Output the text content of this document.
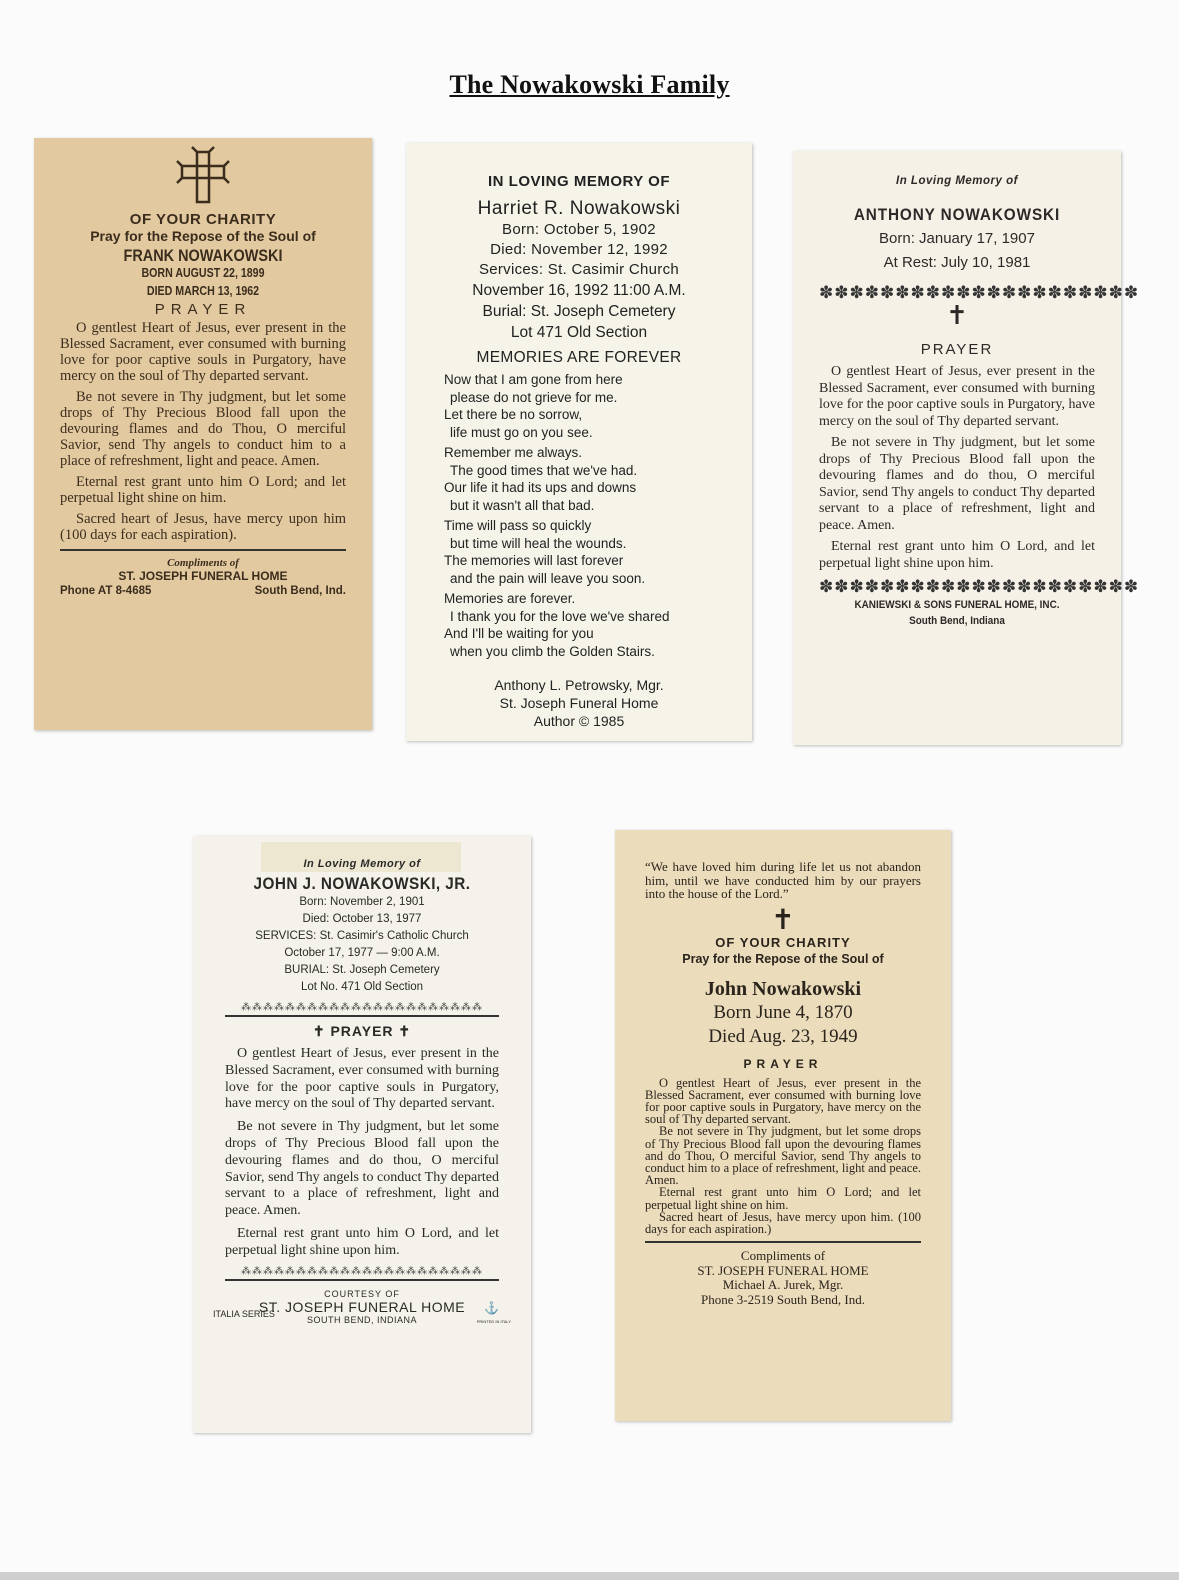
The Nowakowski Family

OF YOUR CHARITY

Pray for the Repose of the Soul of

FRANK NOWAKOWSKI

BORN AUGUST 22, 1899

DIED MARCH 13, 1962

PRAYER

O gentlest Heart of Jesus, ever present in the Blessed Sacrament, ever consumed with burning love for poor captive souls in Purgatory, have mercy on the soul of Thy departed servant.

Be not severe in Thy judgment, but let some drops of Thy Precious Blood fall upon the devouring flames and do Thou, O merciful Savior, send Thy angels to conduct him to a place of refreshment, light and peace. Amen.

Eternal rest grant unto him O Lord; and let perpetual light shine on him.

Sacred heart of Jesus, have mercy upon him (100 days for each aspiration).

Compliments of

ST. JOSEPH FUNERAL HOME

Phone AT 8-4685	South Bend, Ind.

IN LOVING MEMORY OF

Harriet R. Nowakowski

Born: October 5, 1902

Died: November 12, 1992

Services: St. Casimir Church

November 16, 1992 11:00 A.M.

Burial: St. Joseph Cemetery

Lot 471 Old Section

MEMORIES ARE FOREVER

Now that I am gone from here
please do not grieve for me.
Let there be no sorrow,
life must go on you see.
Remember me always.
The good times that we've had.
Our life it had its ups and downs
but it wasn't all that bad.
Time will pass so quickly
but time will heal the wounds.
The memories will last forever
and the pain will leave you soon.
Memories are forever.
I thank you for the love we've shared
And I'll be waiting for you
when you climb the Golden Stairs.

Anthony L. Petrowsky, Mgr.

St. Joseph Funeral Home

Author © 1985

In Loving Memory of

ANTHONY NOWAKOWSKI

Born: January 17, 1907

At Rest: July 10, 1981

✽✽✽✽✽✽✽✽✽✽✽✽✽✽✽✽✽✽✽✽✽
✝

PRAYER

O gentlest Heart of Jesus, ever present in the Blessed Sacrament, ever consumed with burning love for the poor captive souls in Purgatory, have mercy on the soul of Thy departed servant.

Be not severe in Thy judgment, but let some drops of Thy Precious Blood fall upon the devouring flames and do thou, O merciful Savior, send Thy angels to conduct Thy departed servant to a place of refreshment, light and peace. Amen.

Eternal rest grant unto him O Lord, and let perpetual light shine upon him.

✽✽✽✽✽✽✽✽✽✽✽✽✽✽✽✽✽✽✽✽✽

KANIEWSKI & SONS FUNERAL HOME, INC.

South Bend, Indiana

In Loving Memory of

JOHN J. NOWAKOWSKI, JR.

Born: November 2, 1901

Died: October 13, 1977

SERVICES: St. Casimir's Catholic Church

October 17, 1977 — 9:00 A.M.

BURIAL: St. Joseph Cemetery

Lot No. 471 Old Section

⁂⁂⁂⁂⁂⁂⁂⁂⁂⁂⁂⁂⁂⁂⁂⁂⁂⁂⁂⁂⁂⁂

✝ PRAYER ✝

O gentlest Heart of Jesus, ever present in the Blessed Sacrament, ever consumed with burning love for the poor captive souls in Purgatory, have mercy on the soul of Thy departed servant.

Be not severe in Thy judgment, but let some drops of Thy Precious Blood fall upon the devouring flames and do thou, O merciful Savior, send Thy angels to conduct Thy departed servant to a place of refreshment, light and peace. Amen.

Eternal rest grant unto him O Lord, and let perpetual light shine upon him.

⁂⁂⁂⁂⁂⁂⁂⁂⁂⁂⁂⁂⁂⁂⁂⁂⁂⁂⁂⁂⁂⁂
COURTESY OF
ST. JOSEPH FUNERAL HOME
SOUTH BEND, INDIANA
ITALIA SERIES	⚓
PRINTED IN ITALY

“We have loved him during life let us not abandon him, until we have conducted him by our prayers into the house of the Lord.”

✝

OF YOUR CHARITY

Pray for the Repose of the Soul of

John Nowakowski

Born June 4, 1870

Died Aug. 23, 1949

PRAYER

O gentlest Heart of Jesus, ever present in the Blessed Sacrament, ever consumed with burning love for poor captive souls in Purgatory, have mercy on the soul of Thy departed servant.

Be not severe in Thy judgment, but let some drops of Thy Precious Blood fall upon the devouring flames and do Thou, O merciful Savior, send Thy angels to conduct him to a place of refreshment, light and peace. Amen.

Eternal rest grant unto him O Lord; and let perpetual light shine on him.

Sacred heart of Jesus, have mercy upon him. (100 days for each aspiration.)

Compliments of

ST. JOSEPH FUNERAL HOME

Michael A. Jurek, Mgr.

Phone 3-2519 South Bend, Ind.
